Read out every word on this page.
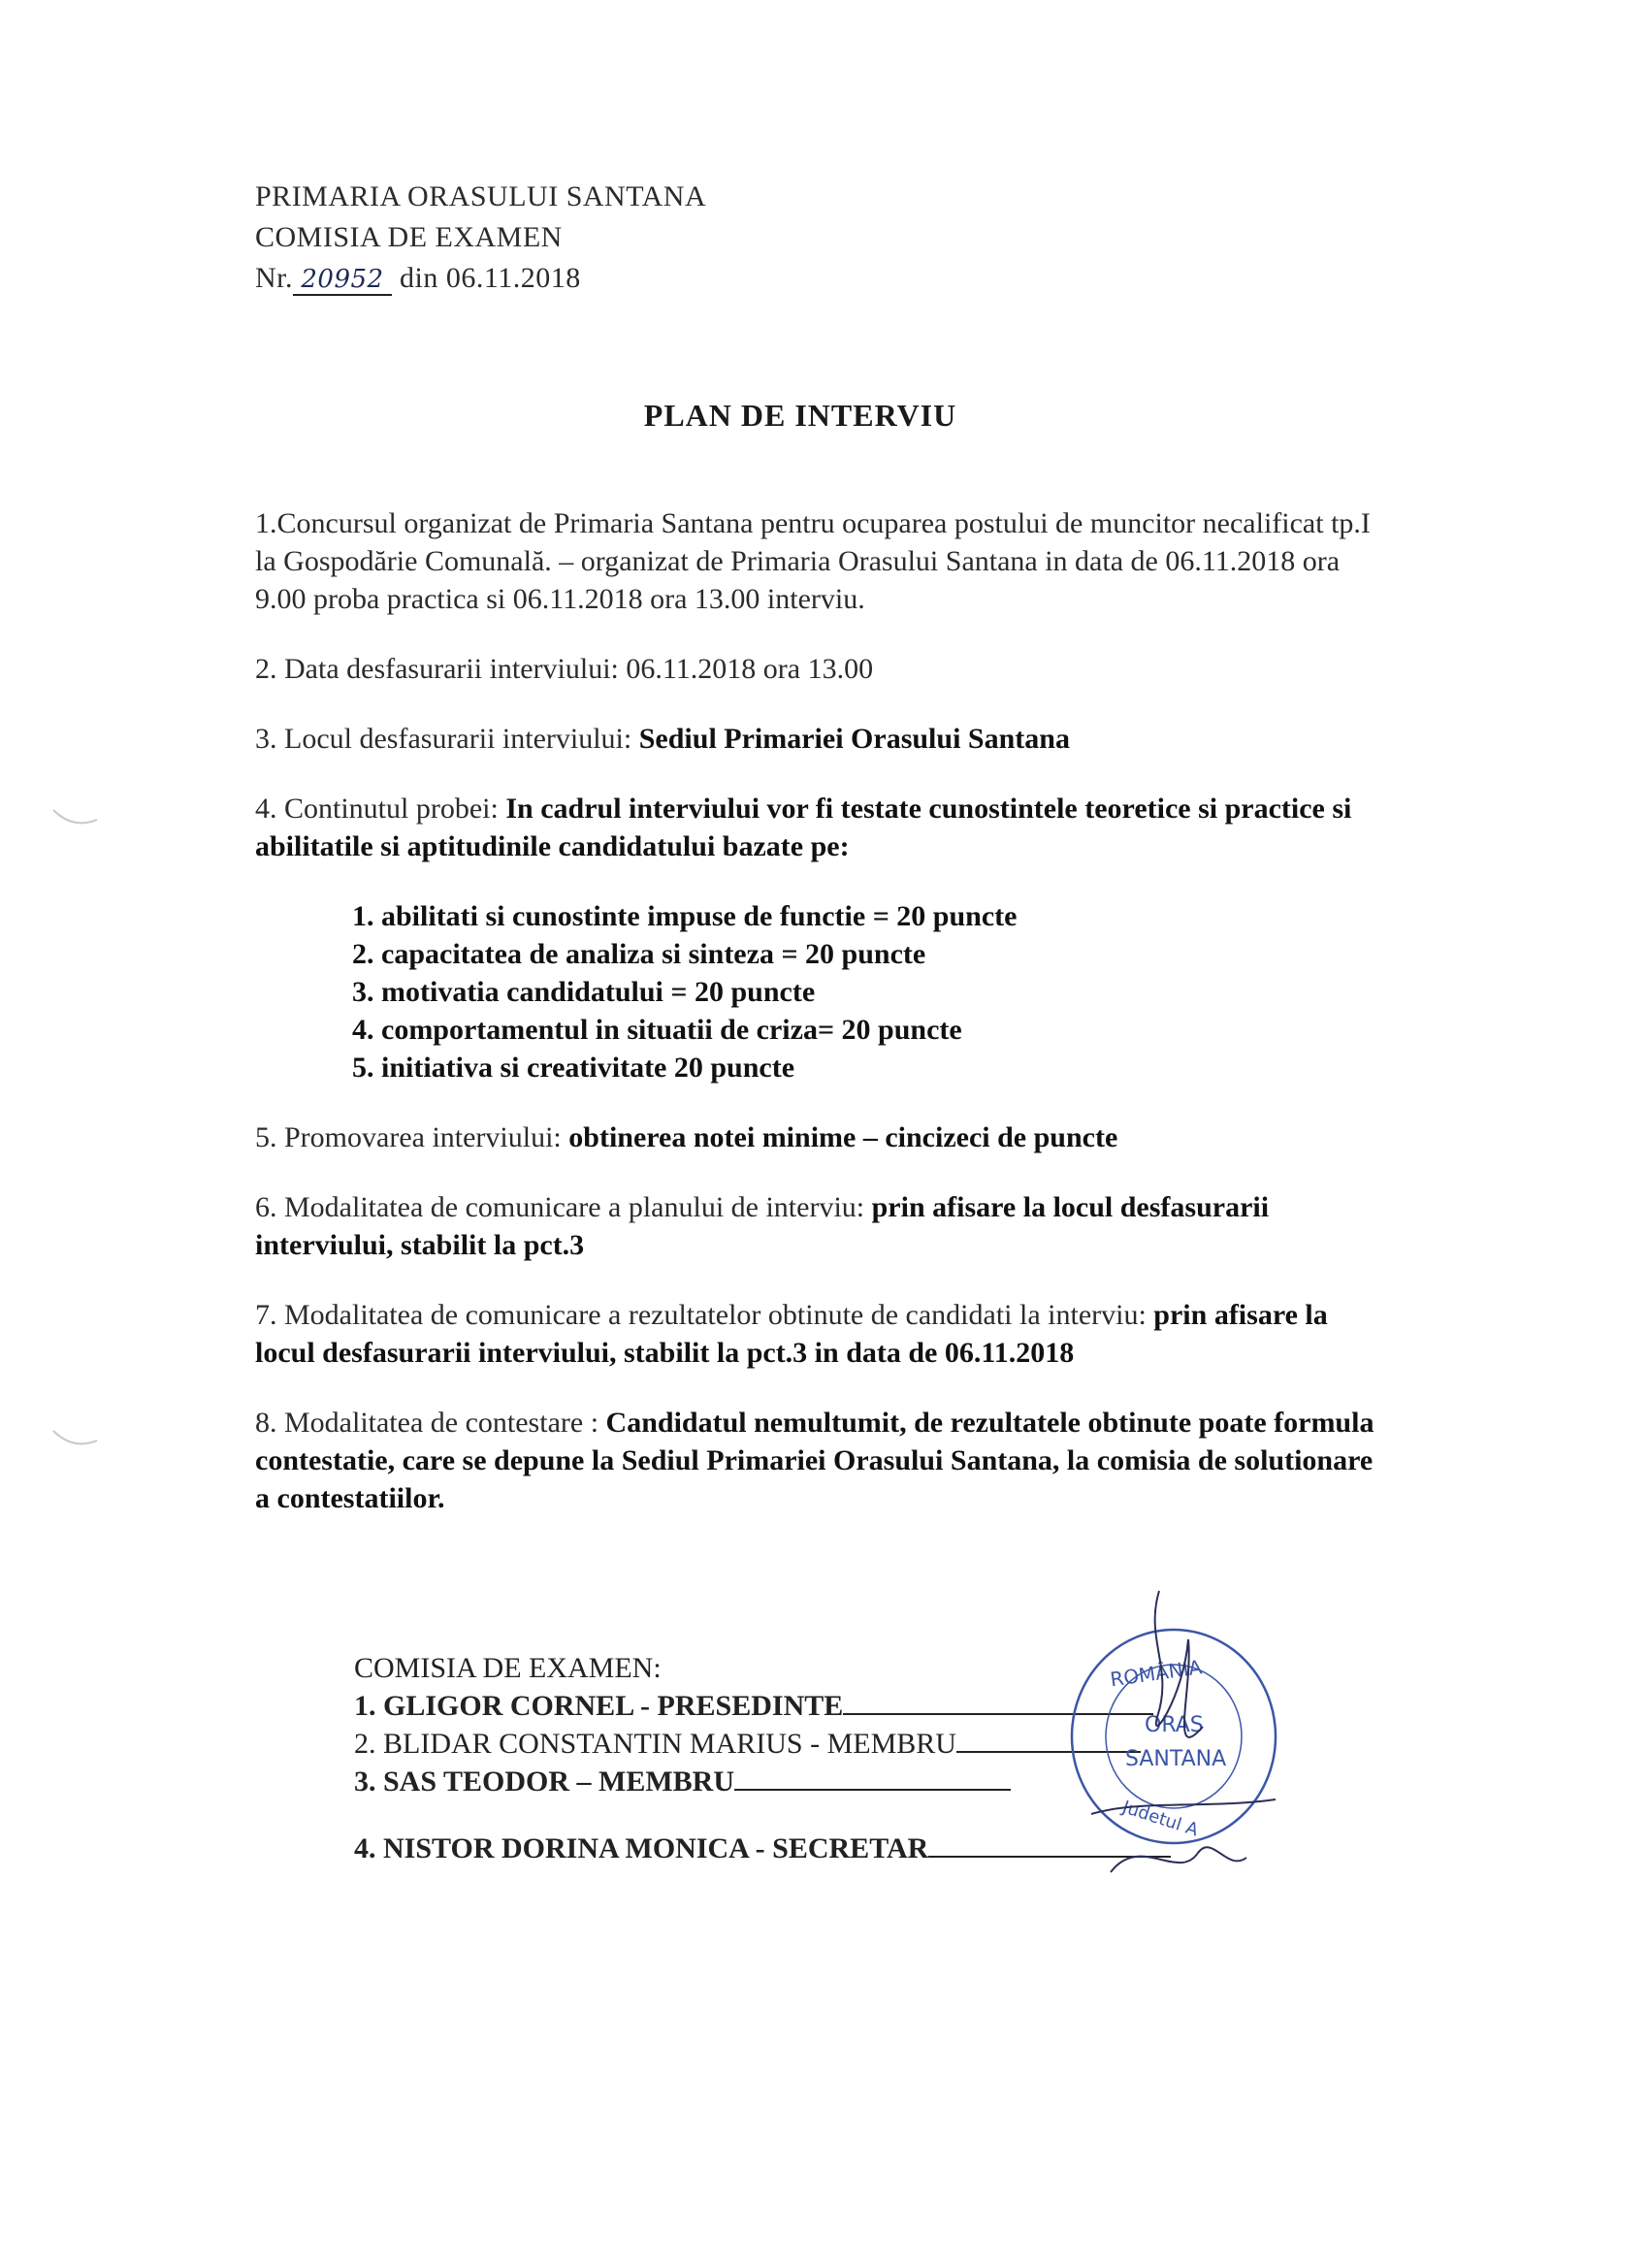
PRIMARIA ORASULUI SANTANA
COMISIA DE EXAMEN
Nr. 20952 din 06.11.2018
PLAN DE INTERVIU

1.Concursul organizat de Primaria Santana pentru ocuparea postului de muncitor necalificat tp.I la Gospodărie Comunală. – organizat de Primaria Orasului Santana in data de 06.11.2018 ora 9.00 proba practica si 06.11.2018 ora 13.00 interviu.

2. Data desfasurarii interviului: 06.11.2018 ora 13.00

3. Locul desfasurarii interviului: Sediul Primariei Orasului Santana

4. Continutul probei: In cadrul interviului vor fi testate cunostintele teoretice si practice si abilitatile si aptitudinile candidatului bazate pe:

1. abilitati si cunostinte impuse de functie = 20 puncte
2. capacitatea de analiza si sinteza = 20 puncte
3. motivatia candidatului = 20 puncte
4. comportamentul in situatii de criza= 20 puncte
5. initiativa si creativitate 20 puncte

5. Promovarea interviului: obtinerea notei minime – cincizeci de puncte

6. Modalitatea de comunicare a planului de interviu: prin afisare la locul desfasurarii interviului, stabilit la pct.3

7. Modalitatea de comunicare a rezultatelor obtinute de candidati la interviu: prin afisare la locul desfasurarii interviului, stabilit la pct.3 in data de 06.11.2018

8. Modalitatea de contestare : Candidatul nemultumit, de rezultatele obtinute poate formula contestatie, care se depune la Sediul Primariei Orasului Santana, la comisia de solutionare a contestatiilor.

COMISIA DE EXAMEN:
1. GLIGOR CORNEL - PRESEDINTE
2. BLIDAR CONSTANTIN MARIUS - MEMBRU
3. SAS TEODOR – MEMBRU
4. NISTOR DORINA MONICA - SECRETAR
ROMÂNIA
ORAS
SANTANA
Judetul A
